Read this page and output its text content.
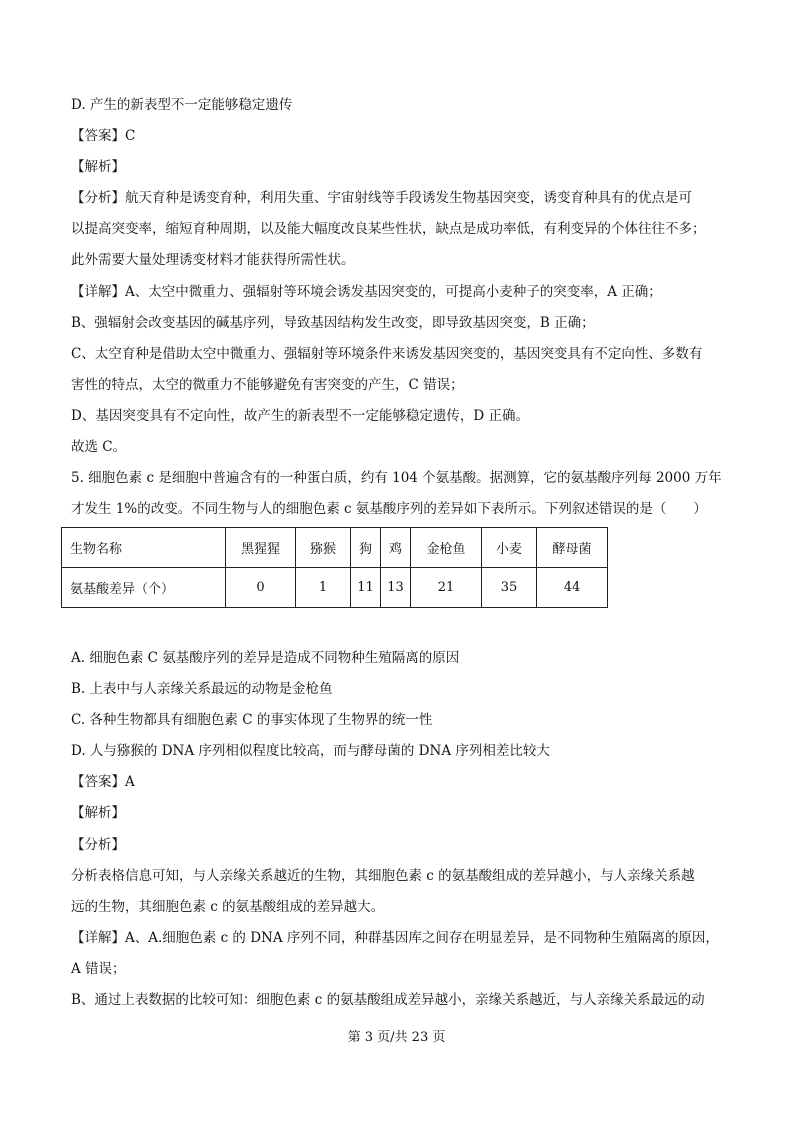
D. 产生的新表型不一定能够稳定遗传
【答案】C
【解析】
【分析】航天育种是诱变育种，利用失重、宇宙射线等手段诱发生物基因突变，诱变育种具有的优点是可
以提高突变率，缩短育种周期，以及能大幅度改良某些性状，缺点是成功率低，有利变异的个体往往不多；
此外需要大量处理诱变材料才能获得所需性状。
【详解】A、太空中微重力、强辐射等环境会诱发基因突变的，可提高小麦种子的突变率，A 正确；
B、强辐射会改变基因的碱基序列，导致基因结构发生改变，即导致基因突变，B 正确；
C、太空育种是借助太空中微重力、强辐射等环境条件来诱发基因突变的，基因突变具有不定向性、多数有
害性的特点，太空的微重力不能够避免有害突变的产生，C 错误；
D、基因突变具有不定向性，故产生的新表型不一定能够稳定遗传，D 正确。
故选 C。
5. 细胞色素 c 是细胞中普遍含有的一种蛋白质，约有 104 个氨基酸。据测算，它的氨基酸序列每 2000 万年
才发生 1%的改变。不同生物与人的细胞色素 c 氨基酸序列的差异如下表所示。下列叙述错误的是（　　）
生物名称	黑猩猩	猕猴	狗	鸡	金枪鱼	小麦	酵母菌
氨基酸差异（个）	0	1	11	13	21	35	44
A. 细胞色素 C 氨基酸序列的差异是造成不同物种生殖隔离的原因
B. 上表中与人亲缘关系最远的动物是金枪鱼
C. 各种生物都具有细胞色素 C 的事实体现了生物界的统一性
D. 人与猕猴的 DNA 序列相似程度比较高，而与酵母菌的 DNA 序列相差比较大
【答案】A
【解析】
【分析】
分析表格信息可知，与人亲缘关系越近的生物，其细胞色素 c 的氨基酸组成的差异越小，与人亲缘关系越
远的生物，其细胞色素 c 的氨基酸组成的差异越大。
【详解】A、A.细胞色素 c 的 DNA 序列不同，种群基因库之间存在明显差异，是不同物种生殖隔离的原因，
A 错误；
B、通过上表数据的比较可知：细胞色素 c 的氨基酸组成差异越小，亲缘关系越近，与人亲缘关系最远的动
第 3 页/共 23 页
